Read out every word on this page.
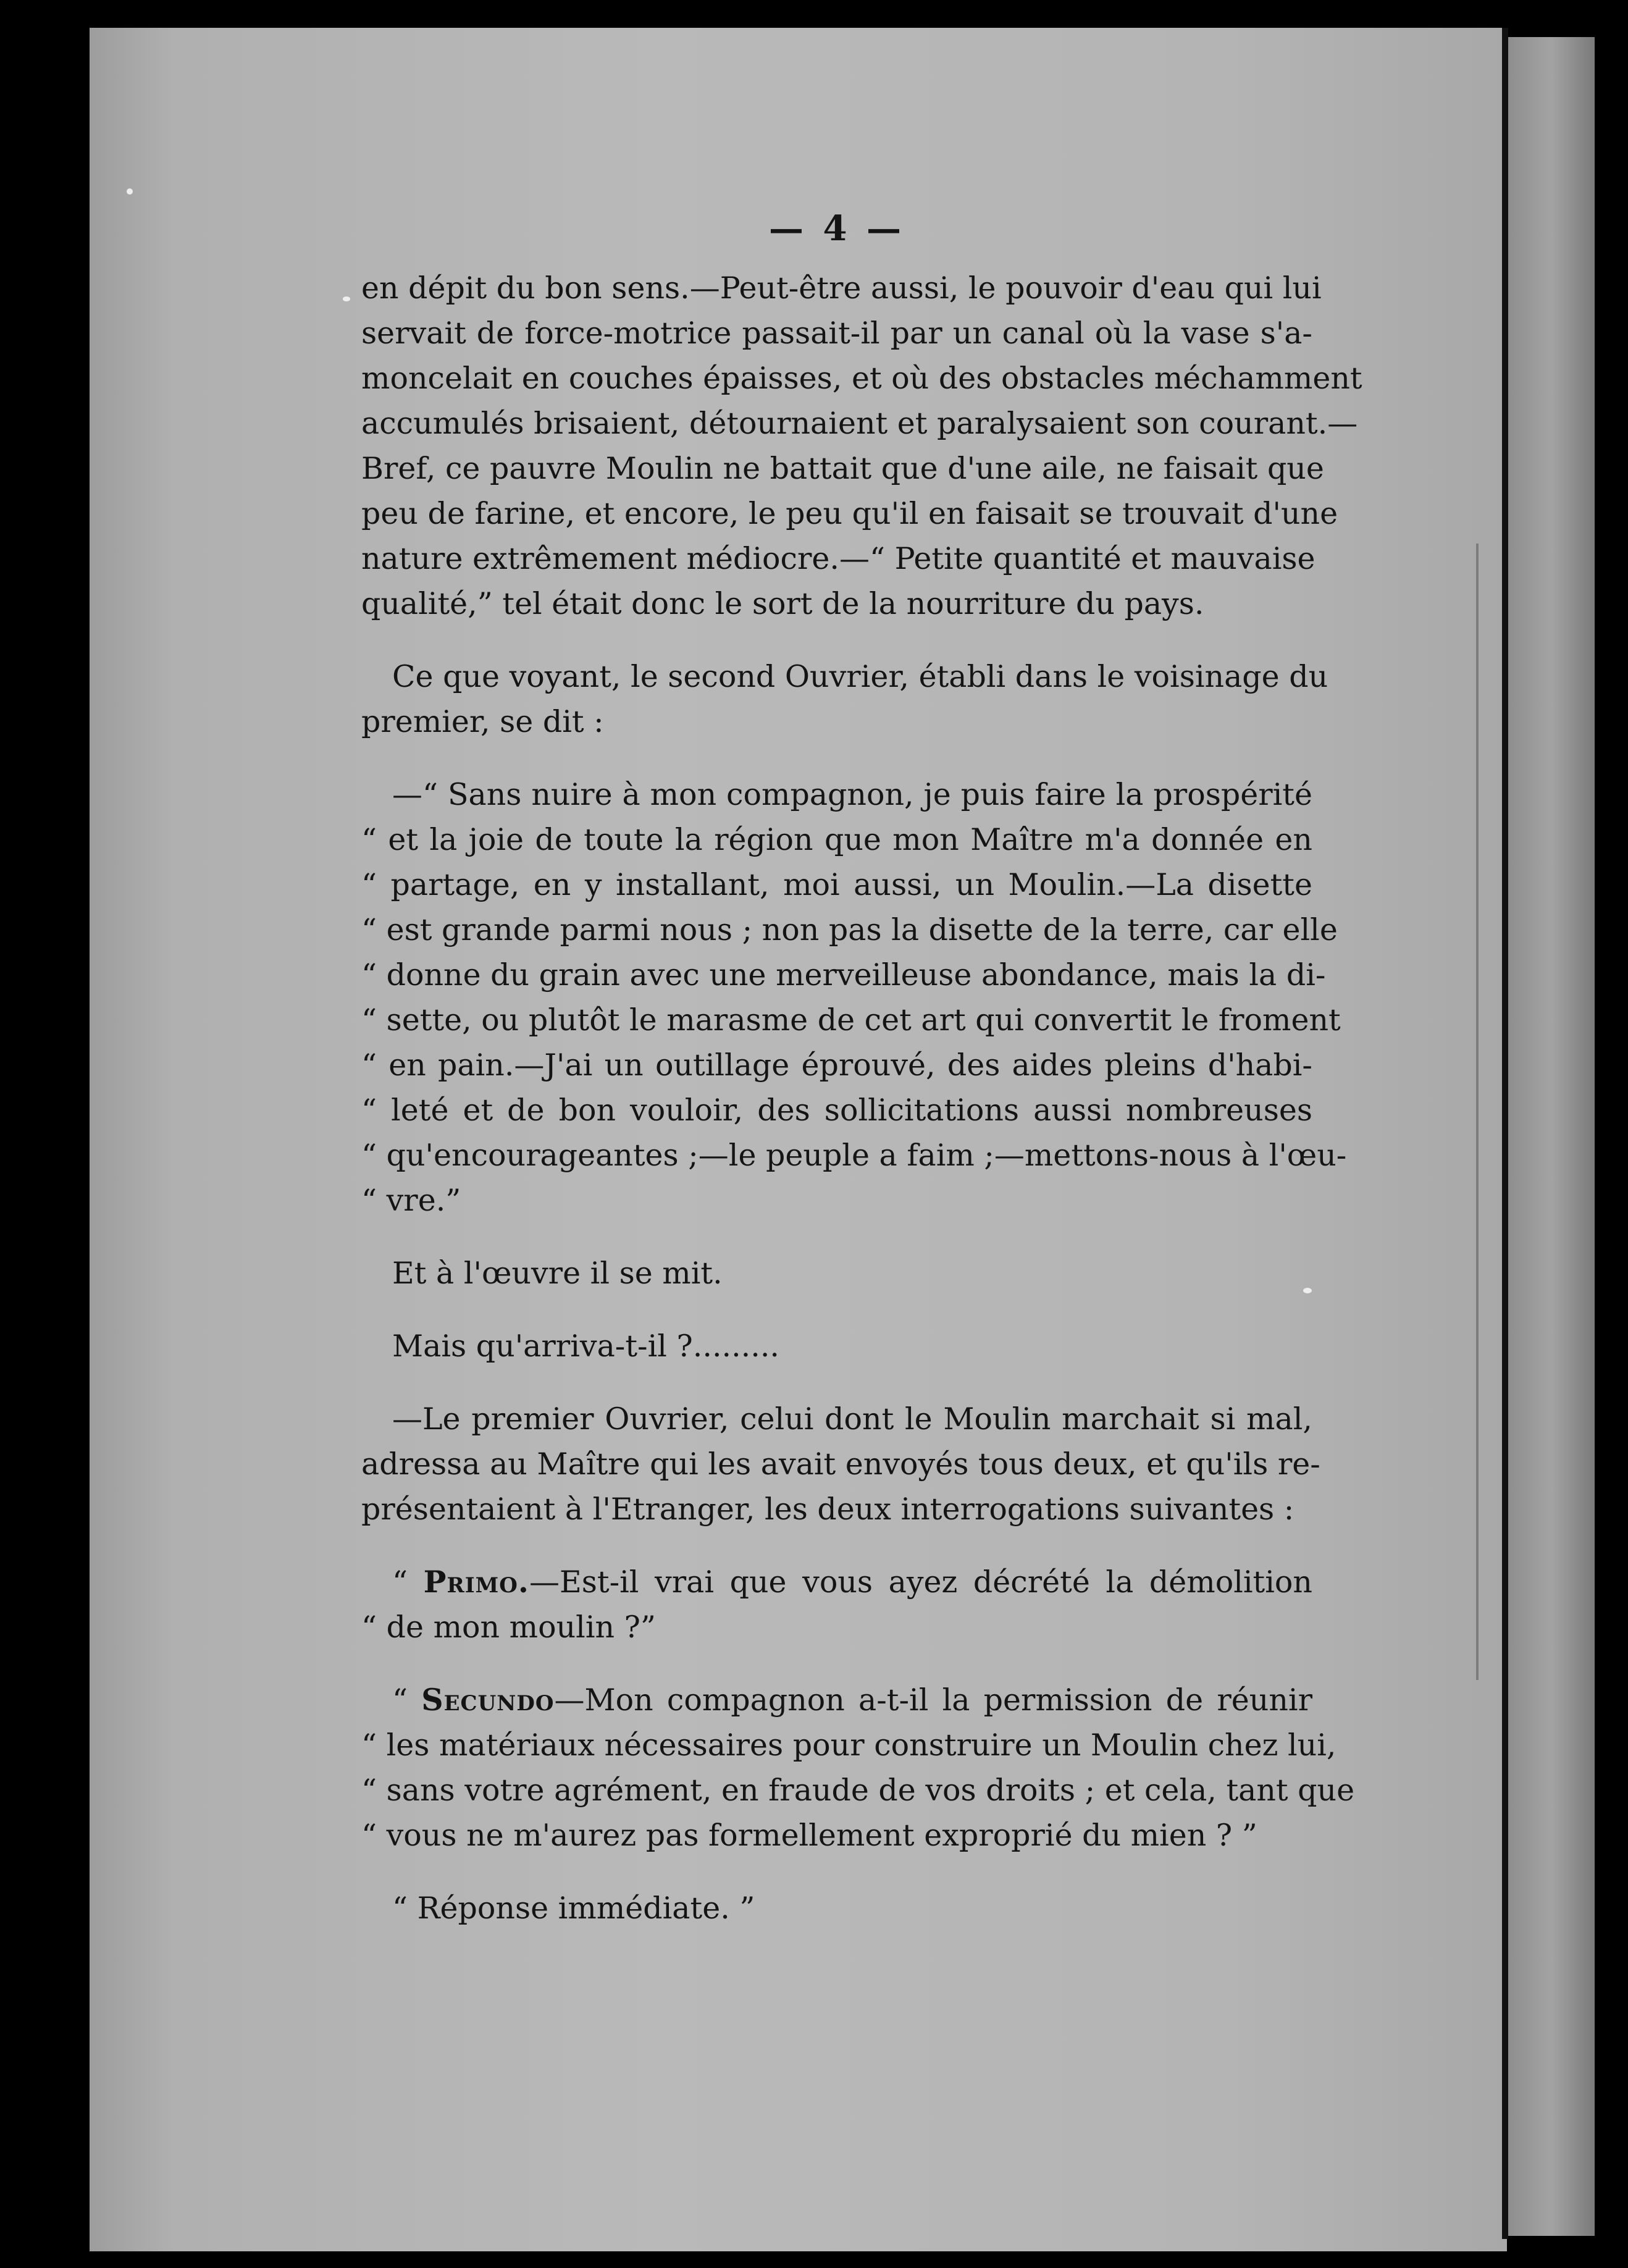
— 4 —
en dépit du bon sens.—Peut-être aussi, le pouvoir d'eau qui lui
servait de force-motrice passait-il par un canal où la vase s'a-
moncelait en couches épaisses, et où des obstacles méchamment
accumulés brisaient, détournaient et paralysaient son courant.—
Bref, ce pauvre Moulin ne battait que d'une aile, ne faisait que
peu de farine, et encore, le peu qu'il en faisait se trouvait d'une
nature extrêmement médiocre.—“ Petite quantité et mauvaise
qualité,” tel était donc le sort de la nourriture du pays.
Ce que voyant, le second Ouvrier, établi dans le voisinage du
premier, se dit :
—“ Sans nuire à mon compagnon, je puis faire la prospérité
“ et la joie de toute la région que mon Maître m'a donnée en
“ partage, en y installant, moi aussi, un Moulin.—La disette
“ est grande parmi nous ; non pas la disette de la terre, car elle
“ donne du grain avec une merveilleuse abondance, mais la di-
“ sette, ou plutôt le marasme de cet art qui convertit le froment
“ en pain.—J'ai un outillage éprouvé, des aides pleins d'habi-
“ leté et de bon vouloir, des sollicitations aussi nombreuses
“ qu'encourageantes ;—le peuple a faim ;—mettons-nous à l'œu-
“ vre.”
Et à l'œuvre il se mit.
Mais qu'arriva-t-il ?.........
—Le premier Ouvrier, celui dont le Moulin marchait si mal,
adressa au Maître qui les avait envoyés tous deux, et qu'ils re-
présentaient à l'Etranger, les deux interrogations suivantes :
“ Primo.—Est-il vrai que vous ayez décrété la démolition
“ de mon moulin ?”
“ Secundo—Mon compagnon a-t-il la permission de réunir
“ les matériaux nécessaires pour construire un Moulin chez lui,
“ sans votre agrément, en fraude de vos droits ; et cela, tant que
“ vous ne m'aurez pas formellement exproprié du mien ? ”
“ Réponse immédiate. ”
